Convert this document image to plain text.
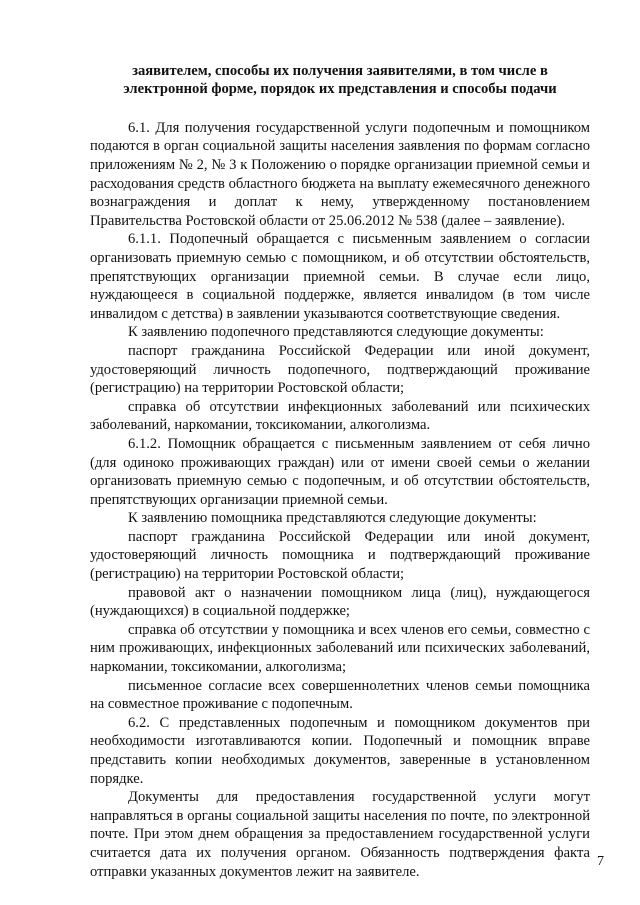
заявителем, способы их получения заявителями, в том числе в
электронной форме, порядок их представления и способы подачи

6.1. Для получения государственной услуги подопечным и помощником подаются в орган социальной защиты населения заявления по формам согласно приложениям № 2, № 3 к Положению о порядке организации приемной семьи и расходования средств областного бюджета на выплату ежемесячного денежного вознаграждения и доплат к нему, утвержденному постановлением Правительства Ростовской области от 25.06.2012 № 538 (далее – заявление).

6.1.1. Подопечный обращается с письменным заявлением о согласии организовать приемную семью с помощником, и об отсутствии обстоятельств, препятствующих организации приемной семьи. В случае если лицо, нуждающееся в социальной поддержке, является инвалидом (в том числе инвалидом с детства) в заявлении указываются соответствующие сведения.

К заявлению подопечного представляются следующие документы:

паспорт гражданина Российской Федерации или иной документ, удостоверяющий личность подопечного, подтверждающий проживание (регистрацию) на территории Ростовской области;

справка об отсутствии инфекционных заболеваний или психических заболеваний, наркомании, токсикомании, алкоголизма.

6.1.2. Помощник обращается с письменным заявлением от себя лично (для одиноко проживающих граждан) или от имени своей семьи о желании организовать приемную семью с подопечным, и об отсутствии обстоятельств, препятствующих организации приемной семьи.

К заявлению помощника представляются следующие документы:

паспорт гражданина Российской Федерации или иной документ, удостоверяющий личность помощника и подтверждающий проживание (регистрацию) на территории Ростовской области;

правовой акт о назначении помощником лица (лиц), нуждающегося (нуждающихся) в социальной поддержке;

справка об отсутствии у помощника и всех членов его семьи, совместно с ним проживающих, инфекционных заболеваний или психических заболеваний, наркомании, токсикомании, алкоголизма;

письменное согласие всех совершеннолетних членов семьи помощника на совместное проживание с подопечным.

6.2. С представленных подопечным и помощником документов при необходимости изготавливаются копии. Подопечный и помощник вправе представить копии необходимых документов, заверенные в установленном порядке.

Документы для предоставления государственной услуги могут направляться в органы социальной защиты населения по почте, по электронной почте. При этом днем обращения за предоставлением государственной услуги считается дата их получения органом. Обязанность подтверждения факта отправки указанных документов лежит на заявителе.

7
